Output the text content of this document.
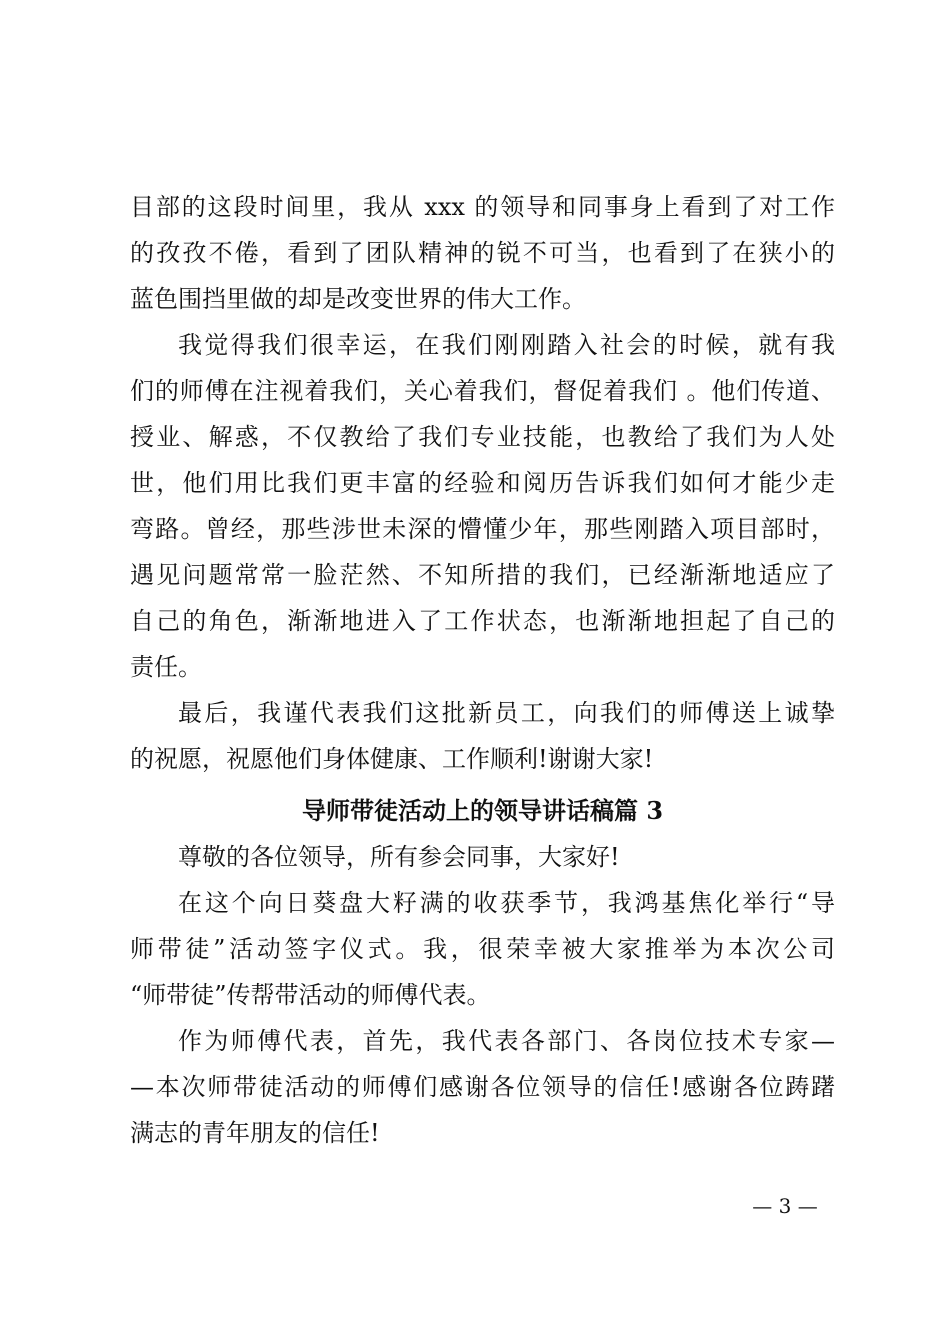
目部的这段时间里，我从 xxx 的领导和同事身上看到了对工作
的孜孜不倦，看到了团队精神的锐不可当，也看到了在狭小的
蓝色围挡里做的却是改变世界的伟大工作。
我觉得我们很幸运，在我们刚刚踏入社会的时候，就有我
们的师傅在注视着我们，关心着我们，督促着我们 。他们传道、
授业、解惑，不仅教给了我们专业技能，也教给了我们为人处
世，他们用比我们更丰富的经验和阅历告诉我们如何才能少走
弯路。曾经，那些涉世未深的懵懂少年，那些刚踏入项目部时，
遇见问题常常一脸茫然、不知所措的我们，已经渐渐地适应了
自己的角色，渐渐地进入了工作状态，也渐渐地担起了自己的
责任。
最后，我谨代表我们这批新员工，向我们的师傅送上诚挚
的祝愿，祝愿他们身体健康、工作顺利!谢谢大家!
导师带徒活动上的领导讲话稿篇 3
尊敬的各位领导，所有参会同事，大家好!
在这个向日葵盘大籽满的收获季节，我鸿基焦化举行“导
师带徒”活动签字仪式。我，很荣幸被大家推举为本次公司
“师带徒”传帮带活动的师傅代表。
作为师傅代表，首先，我代表各部门、各岗位技术专家—
—本次师带徒活动的师傅们感谢各位领导的信任!感谢各位踌躇
满志的青年朋友的信任!
— 3 —
